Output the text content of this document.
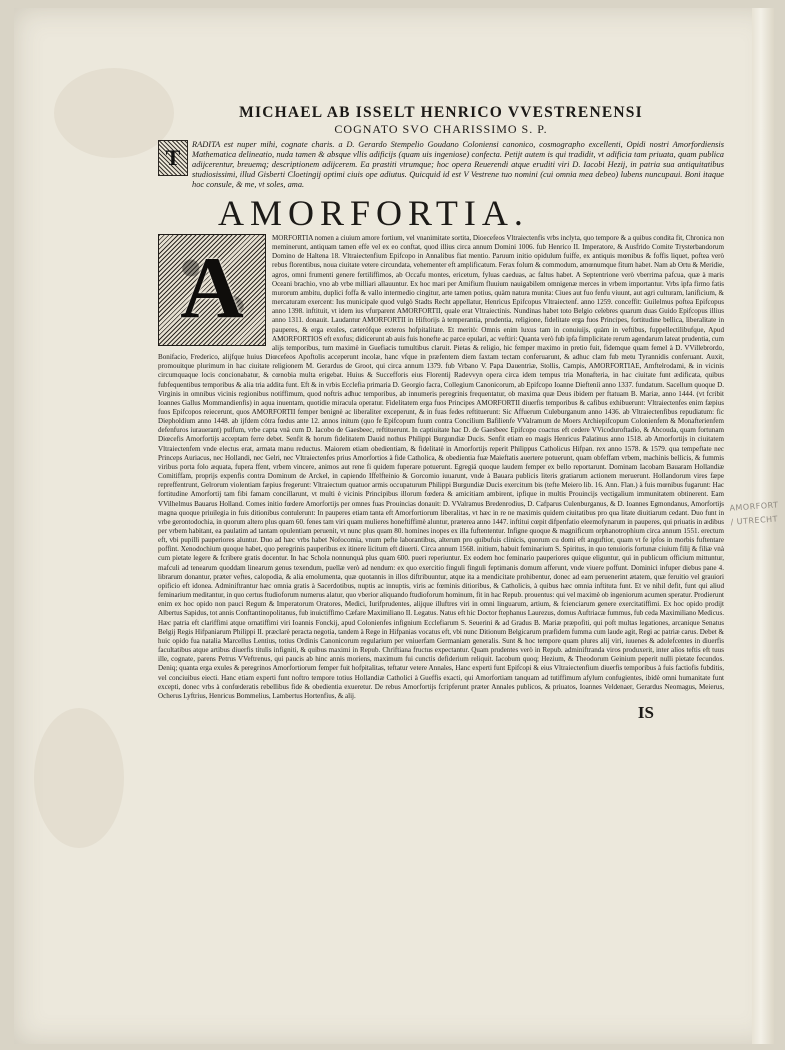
MICHAEL AB ISSELT HENRICO VVESTRENENSI

COGNATO SVO CHARISSIMO S. P.

T

RADITA est nuper mihi, cognate charis. a D. Gerardo Stempelio Goudano Coloniensi canonico, cosmographo excellenti, Opidi nostri Amorfordiensis Mathematica delineatio, nuda tamen & absque vllis adificijs (quam uis ingeniose) confecta. Petijt autem is qui tradidit, vt adificia tam priuata, quam publica adijcerentur, breuemq; descriptionem adijcerem. Ea prastiti vtrumque; hoc opera Reuerendi atque eruditi viri D. Iacobi Hezij, in patria sua antiquitatibus studiosissimi, illud Gisberti Cloetingij optimi ciuis ope adiutus. Quicquid id est V Vestrene tuo nomini (cui omnia mea debeo) lubens nuncupaui. Boni itaque hoc consule, & me, vt soles, ama.

AMORFORTIA.
A

MORFORTIA nomen a ciuium amore fortium, vel vnanimitate sortita, Dioecefeos Vltraiectenfis vrbs inclyta, quo tempore & a quibus condita fit, Chronica non meminerunt, antiquam tamen effe vel ex eo conftat, quod illius circa annum Domini 1006. fub Henrico II. Imperatore, & Ausfrido Comite Trysterbandorum Domino de Haltena 18. Vltraiectenfium Epifcopo in Annalibus fiat mentio. Paruum initio opidulum fuiffe, ex antiquis mœnibus & foffis liquet, poftea verò rebus florentibus, noua ciuitate vetere circundata, vehementer eft amplificatum. Ferax folum & commodum, amœnumque fitum habet. Nam ab Ortu & Meridie, agros, omni frumenti genere fertiliffimos, ab Occafu montes, ericetum, fyluas caeduas, ac faltus habet. A Septentrione verò vberrima pafcua, quæ à maris Oceani brachio, vno ab vrbe milliari allauuntur. Ex hoc mari per Amifium fluuium nauigabilem omnigenæ merces in vrbem importantur. Vrbs ipfa firmo fatis murorum ambitu, duplici foffa & vallo intermedio cingitur, arte tamen potius, quàm natura munita: Ciues aut fuo fenfu viuunt, aut agri culturam, lanificium, & mercaturam exercent: Ius municipale quod vulgò Stadts Recht appellatur, Henricus Epifcopus Vltraiectenf. anno 1259. conceffit: Guilelmus poftea Epifcopus anno 1398. inftituit, vt idem ius vfurparent AMORFORTII, quale erat Vltraiectinis. Nundinas habet toto Belgio celebres quarum duas Guido Epifcopus illius anno 1311. donauit. Laudantur AMORFORTII in Hiftorijs à temperantia, prudentia, religione, fidelitate erga fuos Principes, fortitudine bellica, liberalitate in pauperes, & erga exules, cæterófque exteros hofpitalitate. Et meritò: Omnis enim luxus tam in conuiuijs, quàm in veftibus, fuppellectilibufque, Apud AMORFORTIOS eft exofus; didicerunt ab auis fuis honefte ac parce epulari, ac veftiri: Quanta verò fub ipfa fimplicitate rerum agendarum lateat prudentia, cum alijs temporibus, tum maximè in Guefiacis tumultibus claruit. Pietas & religio, hic femper maximo in pretio fuit, fidemque quam femel à D. VVillebrordo, Bonifacio, Frederico, alijfque huius Diœcefeos Apoftolis acceperunt incolæ, hanc vfque in præfentem diem faxtam tectam conferuarunt, & adhuc clam fub metu Tyrannidis conferuant. Auxit, promouitque plurimum in hac ciuitate religionem M. Gerardus de Groot, qui circa annum 1379. fub Vrbano V. Papa Dauentriæ, Stollis, Campis, AMORFORTIAE, Amftelrodami, & in vicinis circumquaque locis concionabatur, & cœnobia multa erigebat. Huius & Succefforis eius Florentij Radevvyn opera circa idem tempus tria Monafteria, in hac ciuitate funt ædificata, quibus fubfequentibus temporibus & alia tria addita funt. Eft & in vrbis Ecclefia primaria D. Georgio facra, Collegium Canonicorum, ab Epifcopo Ioanne Diefteníi anno 1337. fundatum. Sacellum quoque D. Virginis in omnibus vicinis regionibus notiffimum, quod noftris adhuc temporibus, ab innumeris peregrinis frequentatur, ob maxima quæ Deus ibidem per ftatuam B. Mariæ, anno 1444. (vt fcribit Ioannes Gallus Mommandienfis) in aqua inuentam, quotidie miracula operatur. Fidelitatem erga fuos Principes AMORFORTII diuerfis temporibus & cafibus exhibuerunt: Vltraiectenfes enim fæpius fuos Epifcopos reiecerunt, quos AMORFORTII femper benignè ac liberaliter exceperunt, & in fuas fedes reftituerunt: Sic Affuerum Culeburganum anno 1436. ab Vltraiectenfibus repudiatum: fic Diepholdium anno 1448. ab ijfdem cótra fœdus ante 12. annos initum (quo fe Epifcopum fuum contra Concilium Bafilienfe VValramum de Moers Archiepifcopum Colonienfem & Monafterienfem defenfuros iurauerant) pulfum, vrbe capta vnà cum D. Iacobo de Gaesbeec, reftituerunt. In captiuitate hac D. de Gaesbeec Epifcopo coactus eft cedere VVicoduroftadio, & Abcouda, quam fortunam Diœcefis Amorfortijs acceptam ferre debet. Senfit & horum fidelitatem Dauid nothus Philippi Burgundiæ Ducis. Senfit etiam eo magis Henricus Palatinus anno 1518. ab Amorfortijs in ciuitatem Vltraiectenfem vnde electus erat, armata manu reductus. Maiorem etiam obedientiam, & fidelitatè in Amorfortijs reperit Philippus Catholicus Hifpan. rex anno 1578. & 1579. qua tempeftate nec Princeps Auriacus, nec Hollandi, nec Gelri, nec Vltraiectenfes prius Amorfortios à fide Catholica, & obedientia fuæ Maieftatis auertere potuerunt, quam obfeffam vrbem, machinis bellicis, & fummis viribus porta folo æquata, fupera ffent, vrbem vincere, animos aut rene fi quidem fuperare potuerunt. Egregiá quoque laudem femper ex bello reportarunt. Dominam Iacobam Bauaram Hollandiæ Comitiffam, proprijs expenfis contra Dominum de Arckel, in capiendo Iffelfteinio & Gorcomio iuuarunt, vnde à Bauara publicis literis gratiarum actionem meruerunt. Hollandorum vires fæpe repreffentrunt, Gelrorum violentiam fæpius fregerunt: Vltraiectum quatuor armis occupaturum Philippi Burgundiæ Ducis exercitum bis (tefte Meiero lib. 16. Ann. Flan.) à fuis mœnibus fugarunt: Hac fortitudine Amorfortij tam fibi famam concillarunt, vt multi è vicinis Principibus illorum fœdera & amicitiam ambirent, ipfique in multis Prouincijs vectigalium immunitatem obtinerent. Eam VVilhelmus Bauarus Holland. Comes initio fœdere Amorfortijs per omnes fuas Prouincias donauit: D. VValramus Bredenrodius, D. Cafparus Culenburganus, & D. Ioannes Egmondanus, Amorfortijs magna quoque priuilegia in fuis ditionibus contulerunt: In pauperes etiam tanta eft Amorfortiorum liberalitas, vt hæc in re ne maximis quidem ciuitatibus pro qua litate diuitiarum cedant. Duo funt in vrbe gerontodochia, in quorum altero plus quam 60. fenes tam viri quam mulieres honeftiffimè aluntur, præterea anno 1447. inftitui cœpit difpenfatio eleemofynarum in pauperes, qui priuatis in ædibus per vrbem habitant, ea paulatim ad tantam opulentiam peruenit, vt nunc plus quam 80. homines inopes ex illa fuftententur. Infigne quoque & magnificum orphanotrophium circa annum 1551. erectum eft, vbi pupilli pauperiores aluntur. Duo ad hæc vrbs habet Nofocomia, vnum pefte laborantibus, alterum pro quibufuis clinicis, quorum cu domi eft anguftior, quam vt fe ipfos in morbis fuftentare poffint. Xenodochium quoque habet, quo peregrinis pauperibus ex itinere licitum eft diuerti. Circa annum 1568. initium, habuit feminarium S. Spiritus, in quo tenuioris fortunæ ciuium filij & filiæ vnà cum pietate legere & fcribere gratis docentur. In hac Schola nonnunquà plus quam 600. pueri reperiuntur. Ex eodem hoc feminario pauperiores quique eliguntur, qui in publicum officium mittuntur, mafculi ad tenearum quoddam linearum genus texendum, puellæ verò ad nendum: ex quo exercitio finguli finguli feptimanis domum afferunt, vnde viuere poffunt. Dominici infuper diebus pane 4. librarum donantur, præter veftes, calopodia, & alia emolumenta, quæ quotannis in illos diftribuuntur, atque ita a mendicitate prohibentur, donec ad eam peruenerint ætatem, quæ feruitio vel grauiori opificio eft idonea. Adminiftrantur hæc omnia gratis à Sacerdotibus, nuptis ac innuptis, viris ac fœminis ditioribus, & Catholicis, à quibus hæc omnia inftituta funt. Et ve nihil defit, funt qui aliud feminarium meditantur, in quo certus ftudioforum numerus alatur, quo vberior aliquando ftudioforum hominum, fit in hac Repub. prouentus: qui vel maximè ob ingeniorum acumen speratur. Prodierunt enim ex hoc opido non pauci Regum & Imperatorum Oratores, Medici, Iurifprudentes, alijque illuftres viri in omni linguarum, artium, & fcienciarum genere exercitatiffimi. Ex hoc opido prodijt Albertus Sapidus, tot annis Conftantinopolitanus, fub inuictiffimo Cæfare Maximiliano II. Legatus. Natus eft hic Doctor ftephanus Laurezus, domus Auftriacæ fummus, fub ceda Maximiliano Medicus. Hæc patria eft clariffimi atque ornatiffimi viri Ioannis Fonckij, apud Colonienfes infignium Ecclefiarum S. Seuerini & ad Gradus B. Mariæ præpofiti, qui poft multas legationes, arcanique Senatus Belgij Regis Hifpaniarum Philippi II. præclarè peracta negotia, tandem à Rege in Hifpanias vocatus eft, vbi nunc Ditionum Belgicarum præfidem fumma cum laude agit, Regi ac patriæ carus. Debet & huic opido fua natalia Marcellus Lentius, totius Ordinis Canonicorum regularium per vniuerfam Germaniam generalis. Sunt & hoc tempore quam plures alij viri, iuuenes & adolefcentes in diuerfis facultatibus atque artibus diuerfis titulis infigniti, & quibus maximi in Repub. Chriftiana fructus expectantur. Quam prudentes verò in Repub. adminiftranda viros produxerit, inter alios teftis eft tuus ille, cognate, parens Petrus VVeftrenus, qui paucis ab hinc annis moriens, maximum fui cunctis defiderium reliquit. Iacobum quoq; Hezium, & Theodorum Geinium peperit nulli pietate fecundos. Deniq; quanta erga exules & peregrinos Amorfortiorum femper fuit hofpitalitas, teftatur vetere Annales, Hanc experti funt Epifcopi & eius Vltraiectenfium diuerfis temporibus à fuis factiofis fubditis, vel conciuibus eiecti. Hanc etiam experti funt noftro tempore totius Hollandiæ Catholici à Gueffis exacti, qui Amorfortiam tanquam ad tutiffimum afylum confugientes, ibidè omni humanitate funt excepti, donec vrbs à confœderatis rebellibus fide & obedientia exueretur. De rebus Amorfortijs fcripferunt præter Annales publicos, & priuatos, Ioannes Veldenaer, Gerardus Neomagus, Meierus, Ocherus Lyftrius, Henricus Bommelius, Lambertus Hortenfius, & alij.

IS
AMORFORT / UTRECHT
